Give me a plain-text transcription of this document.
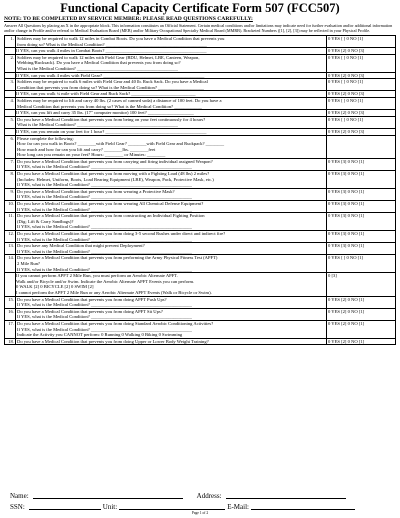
Functional Capacity Certificate Form 507 (FCC507)
NOTE: TO BE COMPLETED BY SERVICE MEMBER: PLEASE READ QUESTIONS CAREFULLY:
Answer All Questions by placing an X in the appropriate block. This information constitutes an Official Statement. Certain medical conditions and/or limitations may indicate need for further evaluation and/or additional information and/or change in Profile and/or referral to Medical Evaluation Board (MEB) and/or Military Occupational Specialty Medical Board (MMRB). Bracketed Numbers ([1], [2], [3]) may be reflected in your Physical Profile.
1.	Soldiers may be required to walk 12 miles in Combat Boots. Do you have a Medical Condition that prevents you
from doing so? What is the Medical Condition? ____________________________________________	0 YES [ ] 0 NO [1]

	If YES, can you walk 4 miles in Combat Boots? ____________________________________________	0 YES [2] 0 NO [3]
2.	Soldiers may be required to walk 12 miles with Field Gear (BDU, Helmet, LBE, Canteen, Weapon,
Webbing/Rucksack). Do you have a Medical Condition that prevents you from doing so?
What is the Medical Condition? ____________________________________________	0 YES [ ] 0 NO [1]

	If YES, can you walk 4 miles with Field Gear? ____________________________________________	0 YES [2] 0 NO [3]
3.	Soldiers may be required to walk 6 miles with Field Gear and 40 lb. Ruck Sack. Do you have a Medical
Condition that prevents you from doing so? What is the Medical Condition? ____________________	0 YES [ ] 0 NO [1]

	If YES, can you walk ¼ mile with Field Gear and Ruck Sack? ____________________________	0 YES [2] 0 NO [3]
4.	Soldiers may be required to lift and carry 40 lbs. (2 cases of canned soda) a distance of 100 feet. Do you have a
Medical Condition that prevents you from doing so? What is the Medical Condition? ____________	0 YES [ ] 0 NO [1]

	If YES, can you lift and carry 35 lbs. (17" computer monitor) 100 feet? ____________________	0 YES [2] 0 NO [3]
5.	Do you have a Medical Condition that prevents you from being on your feet continuously for 4 hours?
What is the Medical Condition? ____________________________________________	0 YES [ ] 0 NO [1]

	If YES, can you remain on your feet for 1 hour? ____________________________________________	0 YES [2] 0 NO [3]
6.	Please complete the following:
How far can you walk in Boots? ________with Field Gear? ________with Field Gear and Ruckpack? ________
How much and how far can you lift and carry? ________lbs. ________feet
How long can you remain on your feet? Hours: ________ or Minutes: ________	

7.	Do you have a Medical Condition that prevents you from carrying and firing individual assigned Weapon?
If YES, what is the Medical Condition? ____________________________________________	0 YES [3] 0 NO [1]
8.	Do you have a Medical Condition that prevents you from moving with a Fighting Load (48 lbs) 2 miles?
(Includes: Helmet, Uniform, Boots, Load Bearing Equipment (LBE), Weapon, Pack, Protective Mask, etc.)
If YES, what is the Medical Condition? ____________________________________________	0 YES [3] 0 NO [1]
9.	Do you have a Medical Condition that prevents you from wearing a Protective Mask?
If YES, what is the Medical Condition? ____________________________________________	0 YES [3] 0 NO [1]
10.	Do you have a Medical Condition that prevents you from wearing All Chemical Defense Equipment?
If YES, what is the Medical Condition? ____________________________________________	0 YES [3] 0 NO [1]
11.	Do you have a Medical Condition that prevents you from constructing an Individual Fighting Position
(Dig; Lift & Carry Sandbags)?
If YES, what is the Medical Condition? ____________________________________________	0 YES [3] 0 NO [1]
12.	Do you have a Medical Condition that prevents you from doing 3-5 second Rushes under direct and indirect fire?
If YES, what is the Medical Condition? ____________________________________________	0 YES [3] 0 NO [1]
13.	Do you have any Medical Condition that might prevent Deployment?
If YES, what is the Medical Condition? ____________________________________________	0 YES [3] 0 NO [1]
14.	Do you have a Medical Condition that prevents you from performing the Army Physical Fitness Test (APFT)
2 Mile Run?
If YES, what is the Medical Condition? ____________________________________________	0 YES [ ] 0 NO [1]

	If you cannot perform APFT 2 Mile Run, you must perform an Aerobic Alternate APFT.
Walk and/or Bicycle and/or Swim. Indicate the Aerobic Alternate APFT Events you can perform.
0 WALK [2] 0 BICYCLE [2] 0 SWIM [2]
I cannot perform the APFT 2 Mile Run or any Aerobic Alternate APFT Events (Walk or Bicycle or Swim).	0 [3]
15.	Do you have a Medical Condition that prevents you from doing APFT Push Ups?
If YES, what is the Medical Condition? ____________________________________________	0 YES [2] 0 NO [1]
16.	Do you have a Medical Condition that prevents you from doing APFT Sit Ups?
If YES, what is the Medical Condition? ____________________________________________	0 YES [2] 0 NO [1]
17.	Do you have a Medical Condition that prevents you from doing Standard Aerobic Conditioning Activities?
If YES, what is the Medical Condition? ____________________________________________
Indicate the Activity you CANNOT perform: 0 Running 0 Walking 0 Biking 0 Swimming	0 YES [2] 0 NO [1]
18.	Do you have a Medical Condition that prevents you from doing Upper or Lower Body Weight Training?	0 YES [2] 0 NO [1]
Name:	Address:
SSN:	Unit:	E-Mail:
Page 1 of 2
